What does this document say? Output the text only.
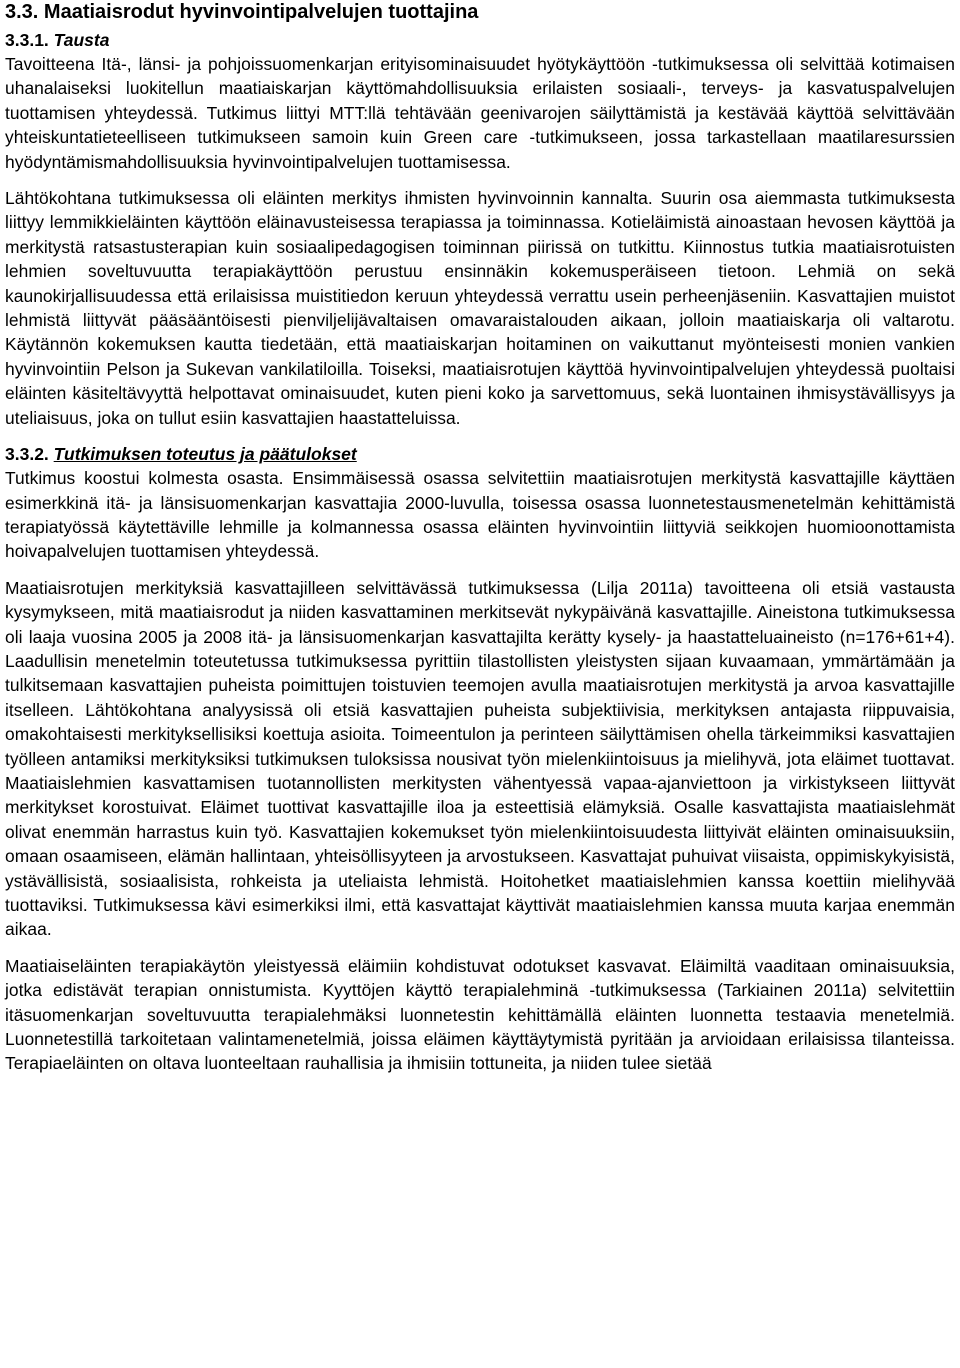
3.3. Maatiaisrodut hyvinvointipalvelujen tuottajina
3.3.1. Tausta

Tavoitteena Itä-, länsi- ja pohjoissuomenkarjan erityisominaisuudet hyötykäyttöön -tutkimuksessa oli selvittää kotimaisen uhanalaiseksi luokitellun maatiaiskarjan käyttömahdollisuuksia erilaisten sosiaali-, terveys- ja kasvatuspalvelujen tuottamisen yhteydessä. Tutkimus liittyi MTT:llä tehtävään geenivarojen säilyttämistä ja kestävää käyttöä selvittävään yhteiskuntatieteelliseen tutkimukseen samoin kuin Green care -tutkimukseen, jossa tarkastellaan maatilaresurssien hyödyntämismahdollisuuksia hyvinvointipalvelujen tuottamisessa.

Lähtökohtana tutkimuksessa oli eläinten merkitys ihmisten hyvinvoinnin kannalta. Suurin osa aiemmasta tutkimuksesta liittyy lemmikkieläinten käyttöön eläinavusteisessa terapiassa ja toiminnassa. Kotieläimistä ainoastaan hevosen käyttöä ja merkitystä ratsastusterapian kuin sosiaalipedagogisen toiminnan piirissä on tutkittu. Kiinnostus tutkia maatiaisrotuisten lehmien soveltuvuutta terapiakäyttöön perustuu ensinnäkin kokemusperäiseen tietoon. Lehmiä on sekä kaunokirjallisuudessa että erilaisissa muistitiedon keruun yhteydessä verrattu usein perheenjäseniin. Kasvattajien muistot lehmistä liittyvät pääsääntöisesti pienviljelijävaltaisen omavaraistalouden aikaan, jolloin maatiaiskarja oli valtarotu. Käytännön kokemuksen kautta tiedetään, että maatiaiskarjan hoitaminen on vaikuttanut myönteisesti monien vankien hyvinvointiin Pelson ja Sukevan vankilatiloilla. Toiseksi, maatiaisrotujen käyttöä hyvinvointipalvelujen yhteydessä puoltaisi eläinten käsiteltävyyttä helpottavat ominaisuudet, kuten pieni koko ja sarvettomuus, sekä luontainen ihmisystävällisyys ja uteliaisuus, joka on tullut esiin kasvattajien haastatteluissa.

3.3.2. Tutkimuksen toteutus ja päätulokset

Tutkimus koostui kolmesta osasta. Ensimmäisessä osassa selvitettiin maatiaisrotujen merkitystä kasvattajille käyttäen esimerkkinä itä- ja länsisuomenkarjan kasvattajia 2000-luvulla, toisessa osassa luonnetestausmenetelmän kehittämistä terapiatyössä käytettäville lehmille ja kolmannessa osassa eläinten hyvinvointiin liittyviä seikkojen huomioonottamista hoivapalvelujen tuottamisen yhteydessä.

Maatiaisrotujen merkityksiä kasvattajilleen selvittävässä tutkimuksessa (Lilja 2011a) tavoitteena oli etsiä vastausta kysymykseen, mitä maatiaisrodut ja niiden kasvattaminen merkitsevät nykypäivänä kasvattajille. Aineistona tutkimuksessa oli laaja vuosina 2005 ja 2008 itä- ja länsisuomenkarjan kasvattajilta kerätty kysely- ja haastatteluaineisto (n=176+61+4). Laadullisin menetelmin toteutetussa tutkimuksessa pyrittiin tilastollisten yleistysten sijaan kuvaamaan, ymmärtämään ja tulkitsemaan kasvattajien puheista poimittujen toistuvien teemojen avulla maatiaisrotujen merkitystä ja arvoa kasvattajille itselleen. Lähtökohtana analyysissä oli etsiä kasvattajien puheista subjektiivisia, merkityksen antajasta riippuvaisia, omakohtaisesti merkityksellisiksi koettuja asioita. Toimeentulon ja perinteen säilyttämisen ohella tärkeimmiksi kasvattajien työlleen antamiksi merkityksiksi tutkimuksen tuloksissa nousivat työn mielenkiintoisuus ja mielihyvä, jota eläimet tuottavat. Maatiaislehmien kasvattamisen tuotannollisten merkitysten vähentyessä vapaa-ajanviettoon ja virkistykseen liittyvät merkitykset korostuivat. Eläimet tuottivat kasvattajille iloa ja esteettisiä elämyksiä. Osalle kasvattajista maatiaislehmät olivat enemmän harrastus kuin työ. Kasvattajien kokemukset työn mielenkiintoisuudesta liittyivät eläinten ominaisuuksiin, omaan osaamiseen, elämän hallintaan, yhteisöllisyyteen ja arvostukseen. Kasvattajat puhuivat viisaista, oppimiskykyisistä, ystävällisistä, sosiaalisista, rohkeista ja uteliaista lehmistä. Hoitohetket maatiaislehmien kanssa koettiin mielihyvää tuottaviksi. Tutkimuksessa kävi esimerkiksi ilmi, että kasvattajat käyttivät maatiaislehmien kanssa muuta karjaa enemmän aikaa.

Maatiaiseläinten terapiakäytön yleistyessä eläimiin kohdistuvat odotukset kasvavat. Eläimiltä vaaditaan ominaisuuksia, jotka edistävät terapian onnistumista. Kyyttöjen käyttö terapialehminä -tutkimuksessa (Tarkiainen 2011a) selvitettiin itäsuomenkarjan soveltuvuutta terapialehmäksi luonnetestin kehittämällä eläinten luonnetta testaavia menetelmiä. Luonnetestillä tarkoitetaan valintamenetelmiä, joissa eläimen käyttäytymistä pyritään ja arvioidaan erilaisissa tilanteissa. Terapiaeläinten on oltava luonteeltaan rauhallisia ja ihmisiin tottuneita, ja niiden tulee sietää
